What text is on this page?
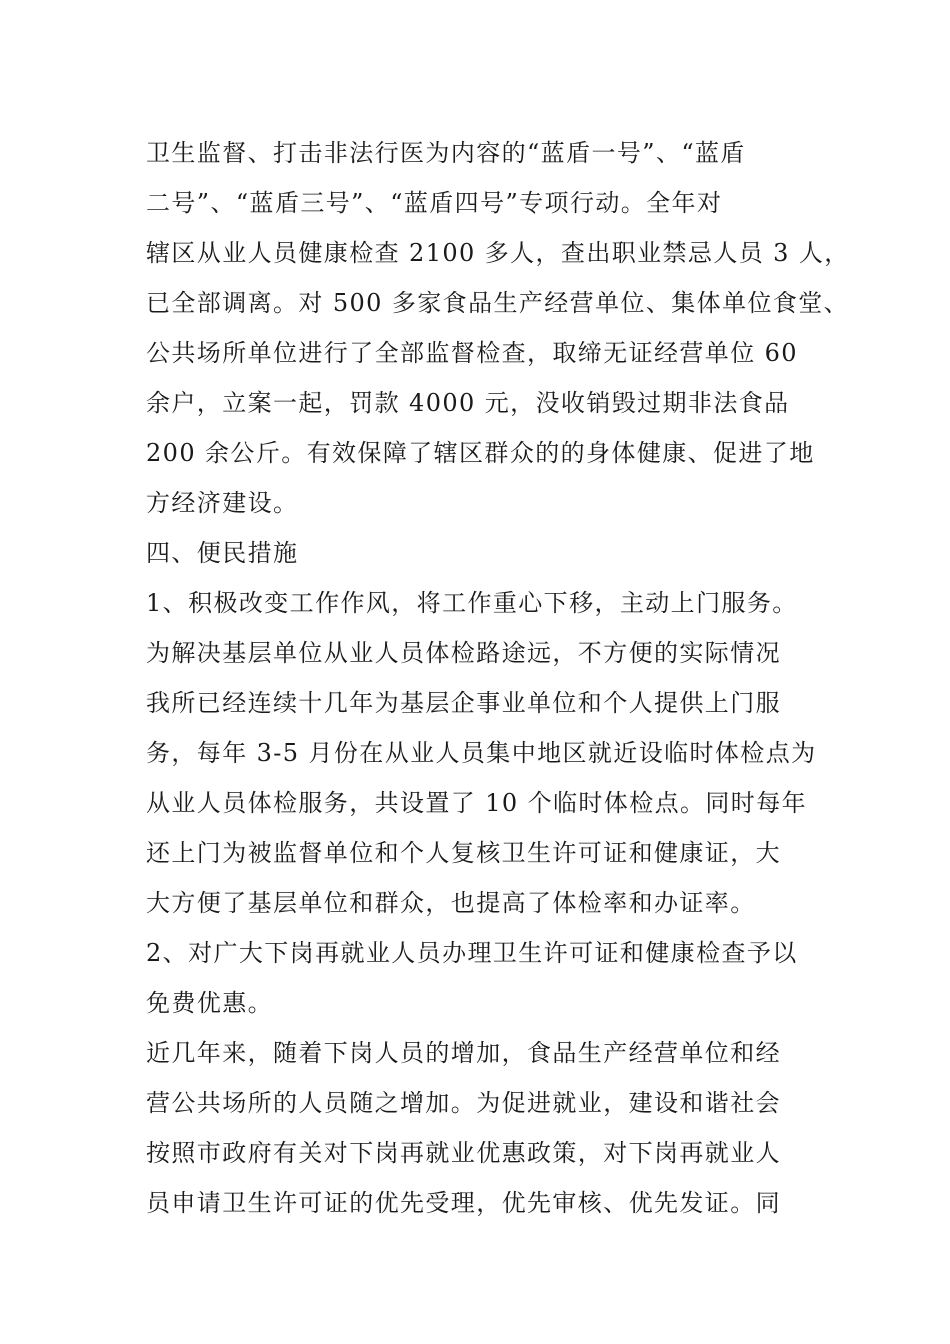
卫生监督、打击非法行医为内容的“蓝盾一号”、“蓝盾
二号”、“蓝盾三号”、“蓝盾四号”专项行动。全年对
辖区从业人员健康检查 2100 多人，查出职业禁忌人员 3 人，
已全部调离。对 500 多家食品生产经营单位、集体单位食堂、
公共场所单位进行了全部监督检查，取缔无证经营单位 60
余户，立案一起，罚款 4000 元，没收销毁过期非法食品
200 余公斤。有效保障了辖区群众的的身体健康、促进了地
方经济建设。
四、便民措施
1、积极改变工作作风，将工作重心下移，主动上门服务。
为解决基层单位从业人员体检路途远，不方便的实际情况
我所已经连续十几年为基层企事业单位和个人提供上门服
务，每年 3-5 月份在从业人员集中地区就近设临时体检点为
从业人员体检服务，共设置了 10 个临时体检点。同时每年
还上门为被监督单位和个人复核卫生许可证和健康证，大
大方便了基层单位和群众，也提高了体检率和办证率。
2、对广大下岗再就业人员办理卫生许可证和健康检查予以
免费优惠。
近几年来，随着下岗人员的增加，食品生产经营单位和经
营公共场所的人员随之增加。为促进就业，建设和谐社会
按照市政府有关对下岗再就业优惠政策，对下岗再就业人
员申请卫生许可证的优先受理，优先审核、优先发证。同
